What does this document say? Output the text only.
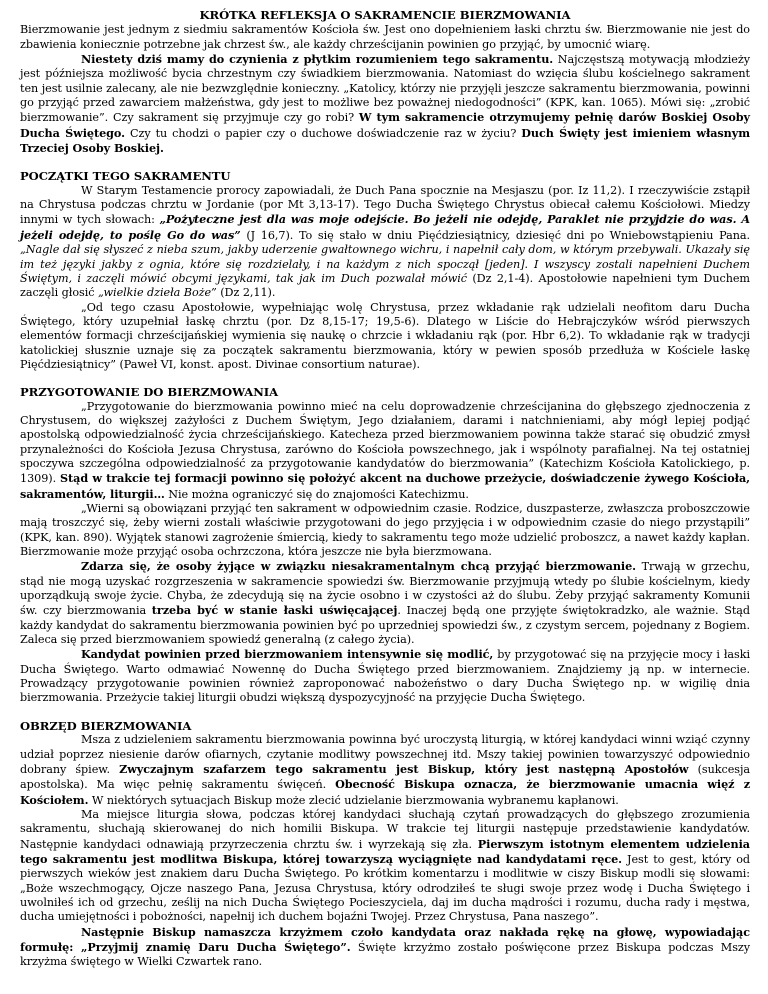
KRÓTKA REFLEKSJA O SAKRAMENCIE BIERZMOWANIA

Bierzmowanie jest jednym z siedmiu sakramentów Kościoła św. Jest ono dopełnieniem łaski chrztu św. Bierzmowanie nie jest do zbawienia koniecznie potrzebne jak chrzest św., ale każdy chrześcijanin powinien go przyjąć, by umocnić wiarę.

Niestety dziś mamy do czynienia z płytkim rozumieniem tego sakramentu. Najczęstszą motywacją młodzieży jest późniejsza możliwość bycia chrzestnym czy świadkiem bierzmowania. Natomiast do wzięcia ślubu kościelnego sakrament ten jest usilnie zalecany, ale nie bezwzględnie konieczny. „Katolicy, którzy nie przyjęli jeszcze sakramentu bierzmowania, powinni go przyjąć przed zawarciem małżeństwa, gdy jest to możliwe bez poważnej niedogodności” (KPK, kan. 1065). Mówi się: „zrobić bierzmowanie”. Czy sakrament się przyjmuje czy go robi? W tym sakramencie otrzymujemy pełnię darów Boskiej Osoby Ducha Świętego. Czy tu chodzi o papier czy o duchowe doświadczenie raz w życiu? Duch Święty jest imieniem własnym Trzeciej Osoby Boskiej.

POCZĄTKI TEGO SAKRAMENTU

W Starym Testamencie prorocy zapowiadali, że Duch Pana spocznie na Mesjaszu (por. Iz 11,2). I rzeczywiście zstąpił na Chrystusa podczas chrztu w Jordanie (por Mt 3,13-17). Tego Ducha Świętego Chrystus obiecał całemu Kościołowi. Miedzy innymi w tych słowach: „Pożyteczne jest dla was moje odejście. Bo jeżeli nie odejdę, Paraklet nie przyjdzie do was. A jeżeli odejdę, to poślę Go do was” (J 16,7). To się stało w dniu Pięćdziesiątnicy, dziesięć dni po Wniebowstąpieniu Pana. „Nagle dał się słyszeć z nieba szum, jakby uderzenie gwałtownego wichru, i napełnił cały dom, w którym przebywali. Ukazały się im też języki jakby z ognia, które się rozdzielały, i na każdym z nich spoczął [jeden]. I wszyscy zostali napełnieni Duchem Świętym, i zaczęli mówić obcymi językami, tak jak im Duch pozwalał mówić (Dz 2,1-4). Apostołowie napełnieni tym Duchem zaczęli głosić „wielkie dzieła Boże” (Dz 2,11).

„Od tego czasu Apostołowie, wypełniając wolę Chrystusa, przez wkładanie rąk udzielali neofitom daru Ducha Świętego, który uzupełniał łaskę chrztu (por. Dz 8,15-17; 19,5-6). Dlatego w Liście do Hebrajczyków wśród pierwszych elementów formacji chrześcijańskiej wymienia się naukę o chrzcie i wkładaniu rąk (por. Hbr 6,2). To wkładanie rąk w tradycji katolickiej słusznie uznaje się za początek sakramentu bierzmowania, który w pewien sposób przedłuża w Kościele łaskę Pięćdziesiątnicy” (Paweł VI, konst. apost. Divinae consortium naturae).

PRZYGOTOWANIE DO BIERZMOWANIA

„Przygotowanie do bierzmowania powinno mieć na celu doprowadzenie chrześcijanina do głębszego zjednoczenia z Chrystusem, do większej zażyłości z Duchem Świętym, Jego działaniem, darami i natchnieniami, aby mógł lepiej podjąć apostolską odpowiedzialność życia chrześcijańskiego. Katecheza przed bierzmowaniem powinna także starać się obudzić zmysł przynależności do Kościoła Jezusa Chrystusa, zarówno do Kościoła powszechnego, jak i wspólnoty parafialnej. Na tej ostatniej spoczywa szczególna odpowiedzialność za przygotowanie kandydatów do bierzmowania” (Katechizm Kościoła Katolickiego, p. 1309). Stąd w trakcie tej formacji powinno się położyć akcent na duchowe przeżycie, doświadczenie żywego Kościoła, sakramentów, liturgii… Nie można ograniczyć się do znajomości Katechizmu.

„Wierni są obowiązani przyjąć ten sakrament w odpowiednim czasie. Rodzice, duszpasterze, zwłaszcza proboszczowie mają troszczyć się, żeby wierni zostali właściwie przygotowani do jego przyjęcia i w odpowiednim czasie do niego przystąpili” (KPK, kan. 890). Wyjątek stanowi zagrożenie śmiercią, kiedy to sakramentu tego może udzielić proboszcz, a nawet każdy kapłan. Bierzmowanie może przyjąć osoba ochrzczona, która jeszcze nie była bierzmowana.

Zdarza się, że osoby żyjące w związku niesakramentalnym chcą przyjąć bierzmowanie. Trwają w grzechu, stąd nie mogą uzyskać rozgrzeszenia w sakramencie spowiedzi św. Bierzmowanie przyjmują wtedy po ślubie kościelnym, kiedy uporządkują swoje życie. Chyba, że zdecydują się na życie osobno i w czystości aż do ślubu. Żeby przyjąć sakramenty Komunii św. czy bierzmowania trzeba być w stanie łaski uświęcającej. Inaczej będą one przyjęte świętokradzko, ale ważnie. Stąd każdy kandydat do sakramentu bierzmowania powinien być po uprzedniej spowiedzi św., z czystym sercem, pojednany z Bogiem. Zaleca się przed bierzmowaniem spowiedź generalną (z całego życia).

Kandydat powinien przed bierzmowaniem intensywnie się modlić, by przygotować się na przyjęcie mocy i łaski Ducha Świętego. Warto odmawiać Nowennę do Ducha Świętego przed bierzmowaniem. Znajdziemy ją np. w internecie. Prowadzący przygotowanie powinien również zaproponować nabożeństwo o dary Ducha Świętego np. w wigilię dnia bierzmowania. Przeżycie takiej liturgii obudzi większą dyspozycyjność na przyjęcie Ducha Świętego.

OBRZĘD BIERZMOWANIA

Msza z udzieleniem sakramentu bierzmowania powinna być uroczystą liturgią, w której kandydaci winni wziąć czynny udział poprzez niesienie darów ofiarnych, czytanie modlitwy powszechnej itd. Mszy takiej powinien towarzyszyć odpowiednio dobrany śpiew. Zwyczajnym szafarzem tego sakramentu jest Biskup, który jest następną Apostołów (sukcesja apostolska). Ma więc pełnię sakramentu święceń. Obecność Biskupa oznacza, że bierzmowanie umacnia więź z Kościołem. W niektórych sytuacjach Biskup może zlecić udzielanie bierzmowania wybranemu kapłanowi.

Ma miejsce liturgia słowa, podczas której kandydaci słuchają czytań prowadzących do głębszego zrozumienia sakramentu, słuchają skierowanej do nich homilii Biskupa. W trakcie tej liturgii następuje przedstawienie kandydatów. Następnie kandydaci odnawiają przyrzeczenia chrztu św. i wyrzekają się zła. Pierwszym istotnym elementem udzielenia tego sakramentu jest modlitwa Biskupa, której towarzyszą wyciągnięte nad kandydatami ręce. Jest to gest, który od pierwszych wieków jest znakiem daru Ducha Świętego. Po krótkim komentarzu i modlitwie w ciszy Biskup modli się słowami: „Boże wszechmogący, Ojcze naszego Pana, Jezusa Chrystusa, który odrodziłeś te sługi swoje przez wodę i Ducha Świętego i uwolniłeś ich od grzechu, ześlij na nich Ducha Świętego Pocieszyciela, daj im ducha mądrości i rozumu, ducha rady i męstwa, ducha umiejętności i pobożności, napełnij ich duchem bojaźni Twojej. Przez Chrystusa, Pana naszego”.

Następnie Biskup namaszcza krzyżmem czoło kandydata oraz nakłada rękę na głowę, wypowiadając formułę: „Przyjmij znamię Daru Ducha Świętego”. Święte krzyżmo zostało poświęcone przez Biskupa podczas Mszy krzyżma świętego w Wielki Czwartek rano.
